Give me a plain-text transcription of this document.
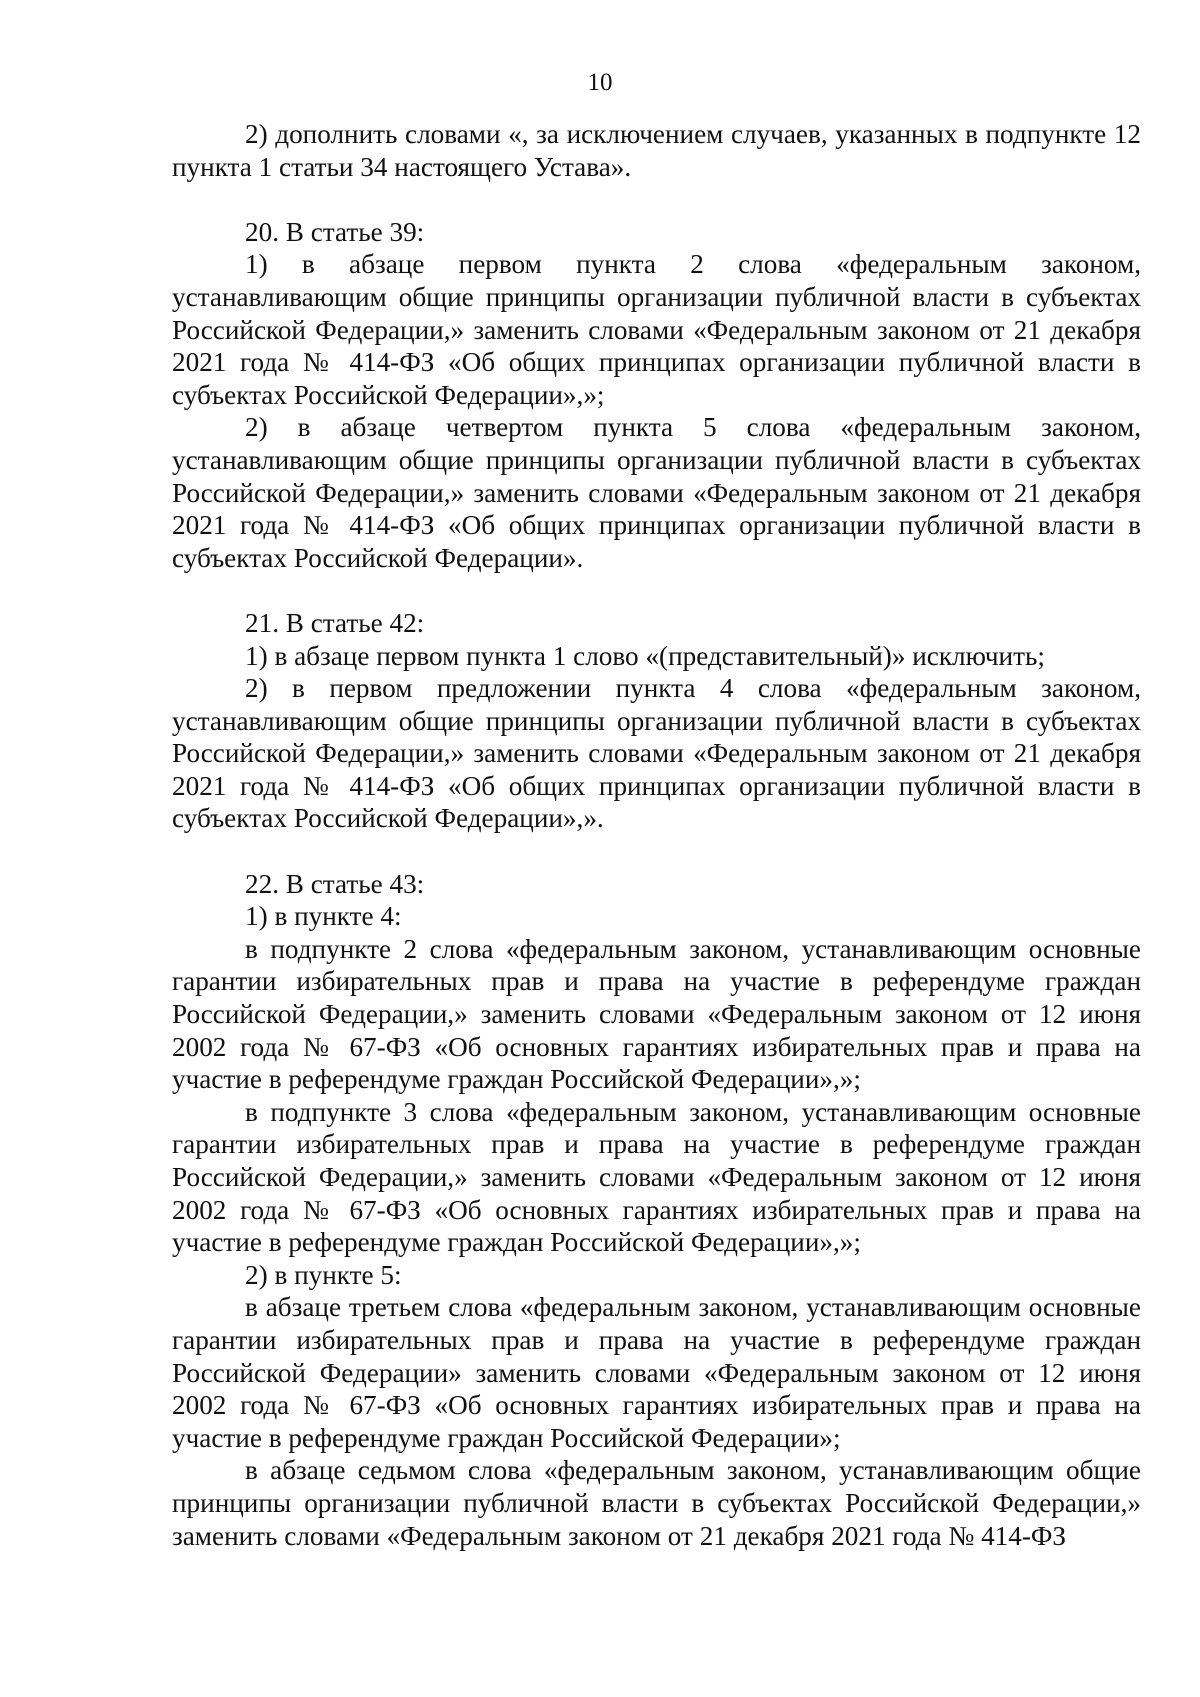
10

2) дополнить словами «, за исключением случаев, указанных в подпункте 12 пункта 1 статьи 34 настоящего Устава».

20. В статье 39:

1) в абзаце первом пункта 2 слова «федеральным законом, устанавливающим общие принципы организации публичной власти в субъектах Российской Федерации,» заменить словами «Федеральным законом от 21 декабря 2021 года № 414-ФЗ «Об общих принципах организации публичной власти в субъектах Российской Федерации»,»;

2) в абзаце четвертом пункта 5 слова «федеральным законом, устанавливающим общие принципы организации публичной власти в субъектах Российской Федерации,» заменить словами «Федеральным законом от 21 декабря 2021 года № 414-ФЗ «Об общих принципах организации публичной власти в субъектах Российской Федерации».

21. В статье 42:

1) в абзаце первом пункта 1 слово «(представительный)» исключить;

2) в первом предложении пункта 4 слова «федеральным законом, устанавливающим общие принципы организации публичной власти в субъектах Российской Федерации,» заменить словами «Федеральным законом от 21 декабря 2021 года № 414-ФЗ «Об общих принципах организации публичной власти в субъектах Российской Федерации»,».

22. В статье 43:

1) в пункте 4:

в подпункте 2 слова «федеральным законом, устанавливающим основные гарантии избирательных прав и права на участие в референдуме граждан Российской Федерации,» заменить словами «Федеральным законом от 12 июня 2002 года № 67-ФЗ «Об основных гарантиях избирательных прав и права на участие в референдуме граждан Российской Федерации»,»;

в подпункте 3 слова «федеральным законом, устанавливающим основные гарантии избирательных прав и права на участие в референдуме граждан Российской Федерации,» заменить словами «Федеральным законом от 12 июня 2002 года № 67-ФЗ «Об основных гарантиях избирательных прав и права на участие в референдуме граждан Российской Федерации»,»;

2) в пункте 5:

в абзаце третьем слова «федеральным законом, устанавливающим основные гарантии избирательных прав и права на участие в референдуме граждан Российской Федерации» заменить словами «Федеральным законом от 12 июня 2002 года № 67-ФЗ «Об основных гарантиях избирательных прав и права на участие в референдуме граждан Российской Федерации»;

в абзаце седьмом слова «федеральным законом, устанавливающим общие принципы организации публичной власти в субъектах Российской Федерации,» заменить словами «Федеральным законом от 21 декабря 2021 года № 414-ФЗ
